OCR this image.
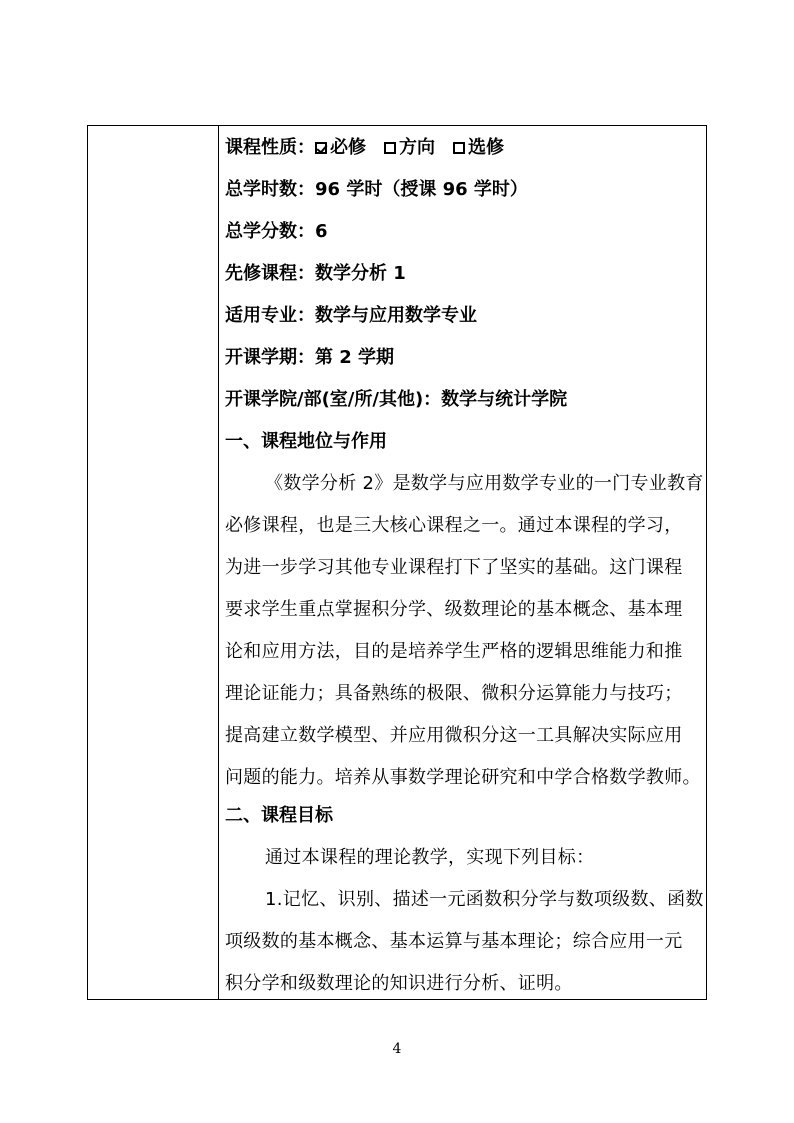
课程性质： 必修 方向 选修
总学时数：96 学时（授课 96 学时）
总学分数：6
先修课程：数学分析 1
适用专业：数学与应用数学专业
开课学期：第 2 学期
开课学院/部(室/所/其他)：数学与统计学院
一、课程地位与作用
《数学分析 2》是数学与应用数学专业的一门专业教育
必修课程，也是三大核心课程之一。通过本课程的学习，
为进一步学习其他专业课程打下了坚实的基础。这门课程
要求学生重点掌握积分学、级数理论的基本概念、基本理
论和应用方法，目的是培养学生严格的逻辑思维能力和推
理论证能力；具备熟练的极限、微积分运算能力与技巧；
提高建立数学模型、并应用微积分这一工具解决实际应用
问题的能力。培养从事数学理论研究和中学合格数学教师。
二、课程目标
通过本课程的理论教学，实现下列目标：
1.记忆、识别、描述一元函数积分学与数项级数、函数
项级数的基本概念、基本运算与基本理论；综合应用一元
积分学和级数理论的知识进行分析、证明。
4
